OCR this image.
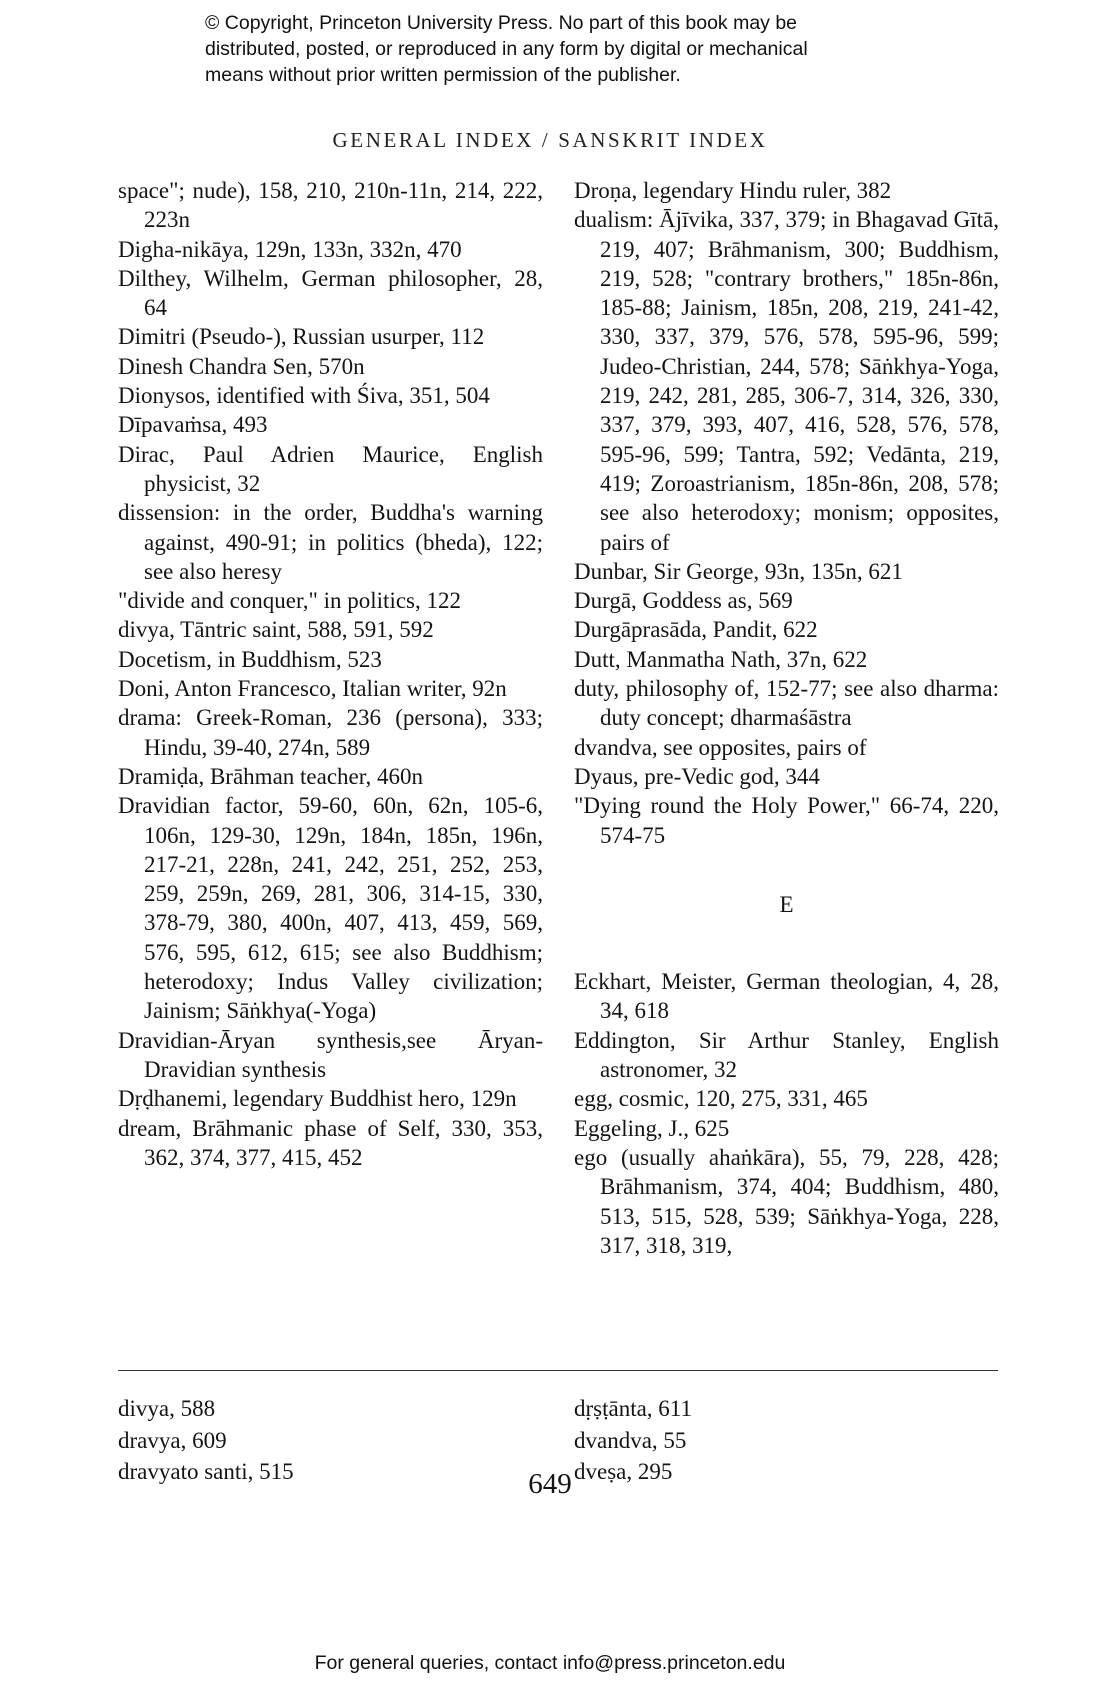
© Copyright, Princeton University Press. No part of this book may be
distributed, posted, or reproduced in any form by digital or mechanical
means without prior written permission of the publisher.
GENERAL INDEX / SANSKRIT INDEX
space"; nude), 158, 210, 210n-11n, 214, 222, 223n
Digha-nikāya, 129n, 133n, 332n, 470
Dilthey, Wilhelm, German philosopher, 28, 64
Dimitri (Pseudo-), Russian usurper, 112
Dinesh Chandra Sen, 570n
Dionysos, identified with Śiva, 351, 504
Dīpavaṁsa, 493
Dirac, Paul Adrien Maurice, English physicist, 32
dissension: in the order, Buddha's warning against, 490-91; in politics (bheda), 122; see also heresy
"divide and conquer," in politics, 122
divya, Tāntric saint, 588, 591, 592
Docetism, in Buddhism, 523
Doni, Anton Francesco, Italian writer, 92n
drama: Greek-Roman, 236 (persona), 333; Hindu, 39-40, 274n, 589
Dramiḍa, Brāhman teacher, 460n
Dravidian factor, 59-60, 60n, 62n, 105-6, 106n, 129-30, 129n, 184n, 185n, 196n, 217-21, 228n, 241, 242, 251, 252, 253, 259, 259n, 269, 281, 306, 314-15, 330, 378-79, 380, 400n, 407, 413, 459, 569, 576, 595, 612, 615; see also Buddhism; heterodoxy; Indus Valley civilization; Jainism; Sāṅkhya(-Yoga)
Dravidian-Āryan synthesis,see Āryan-Dravidian synthesis
Dṛḍhanemi, legendary Buddhist hero, 129n
dream, Brāhmanic phase of Self, 330, 353, 362, 374, 377, 415, 452
Droṇa, legendary Hindu ruler, 382
dualism: Ājīvika, 337, 379; in Bhagavad Gītā, 219, 407; Brāhmanism, 300; Buddhism, 219, 528; "contrary brothers," 185n-86n, 185-88; Jainism, 185n, 208, 219, 241-42, 330, 337, 379, 576, 578, 595-96, 599; Judeo-Christian, 244, 578; Sāṅkhya-Yoga, 219, 242, 281, 285, 306-7, 314, 326, 330, 337, 379, 393, 407, 416, 528, 576, 578, 595-96, 599; Tantra, 592; Vedānta, 219, 419; Zoroastrianism, 185n-86n, 208, 578; see also heterodoxy; monism; opposites, pairs of
Dunbar, Sir George, 93n, 135n, 621
Durgā, Goddess as, 569
Durgāprasāda, Pandit, 622
Dutt, Manmatha Nath, 37n, 622
duty, philosophy of, 152-77; see also dharma: duty concept; dharmaśāstra
dvandva, see opposites, pairs of
Dyaus, pre-Vedic god, 344
"Dying round the Holy Power," 66-74, 220, 574-75
E
Eckhart, Meister, German theologian, 4, 28, 34, 618
Eddington, Sir Arthur Stanley, English astronomer, 32
egg, cosmic, 120, 275, 331, 465
Eggeling, J., 625
ego (usually ahaṅkāra), 55, 79, 228, 428; Brāhmanism, 374, 404; Buddhism, 480, 513, 515, 528, 539; Sāṅkhya-Yoga, 228, 317, 318, 319,
divya, 588
dravya, 609
dravyato santi, 515
dṛṣṭānta, 611
dvandva, 55
dveṣa, 295
649
For general queries, contact info@press.princeton.edu
